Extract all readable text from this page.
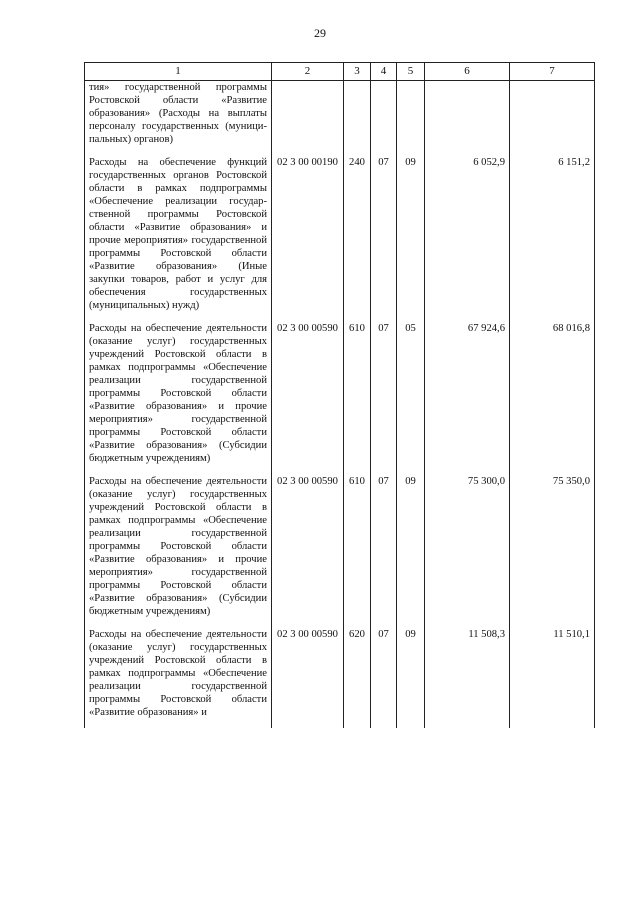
29
1	2	3	4	5	6	7
тия» государственной программы Ростовской области «Развитие образования» (Расходы на выплаты персоналу государственных (муниципальных) органов)						
Расходы на обеспечение функций государственных органов Ростовской области в рамках подпрограммы «Обеспечение реализации государственной программы Ростовской области «Развитие образования» и прочие мероприятия» государственной программы Ростовской области «Развитие образования» (Иные закупки товаров, работ и услуг для обеспечения государственных (муниципальных) нужд)	02 3 00 00190	240	07	09	6 052,9	6 151,2
Расходы на обеспечение деятельности (оказание услуг) государственных учреждений Ростовской области в рамках подпрограммы «Обеспечение реализации государственной программы Ростовской области «Развитие образования» и прочие мероприятия» государственной программы Ростовской области «Развитие образования» (Субсидии бюджетным учреждениям)	02 3 00 00590	610	07	05	67 924,6	68 016,8
Расходы на обеспечение деятельности (оказание услуг) государственных учреждений Ростовской области в рамках подпрограммы «Обеспечение реализации государственной программы Ростовской области «Развитие образования» и прочие мероприятия» государственной программы Ростовской области «Развитие образования» (Субсидии бюджетным учреждениям)	02 3 00 00590	610	07	09	75 300,0	75 350,0
Расходы на обеспечение деятельности (оказание услуг) государственных учреждений Ростовской области в рамках подпрограммы «Обеспечение реализации государственной программы Ростовской области «Развитие образования» и	02 3 00 00590	620	07	09	11 508,3	11 510,1
